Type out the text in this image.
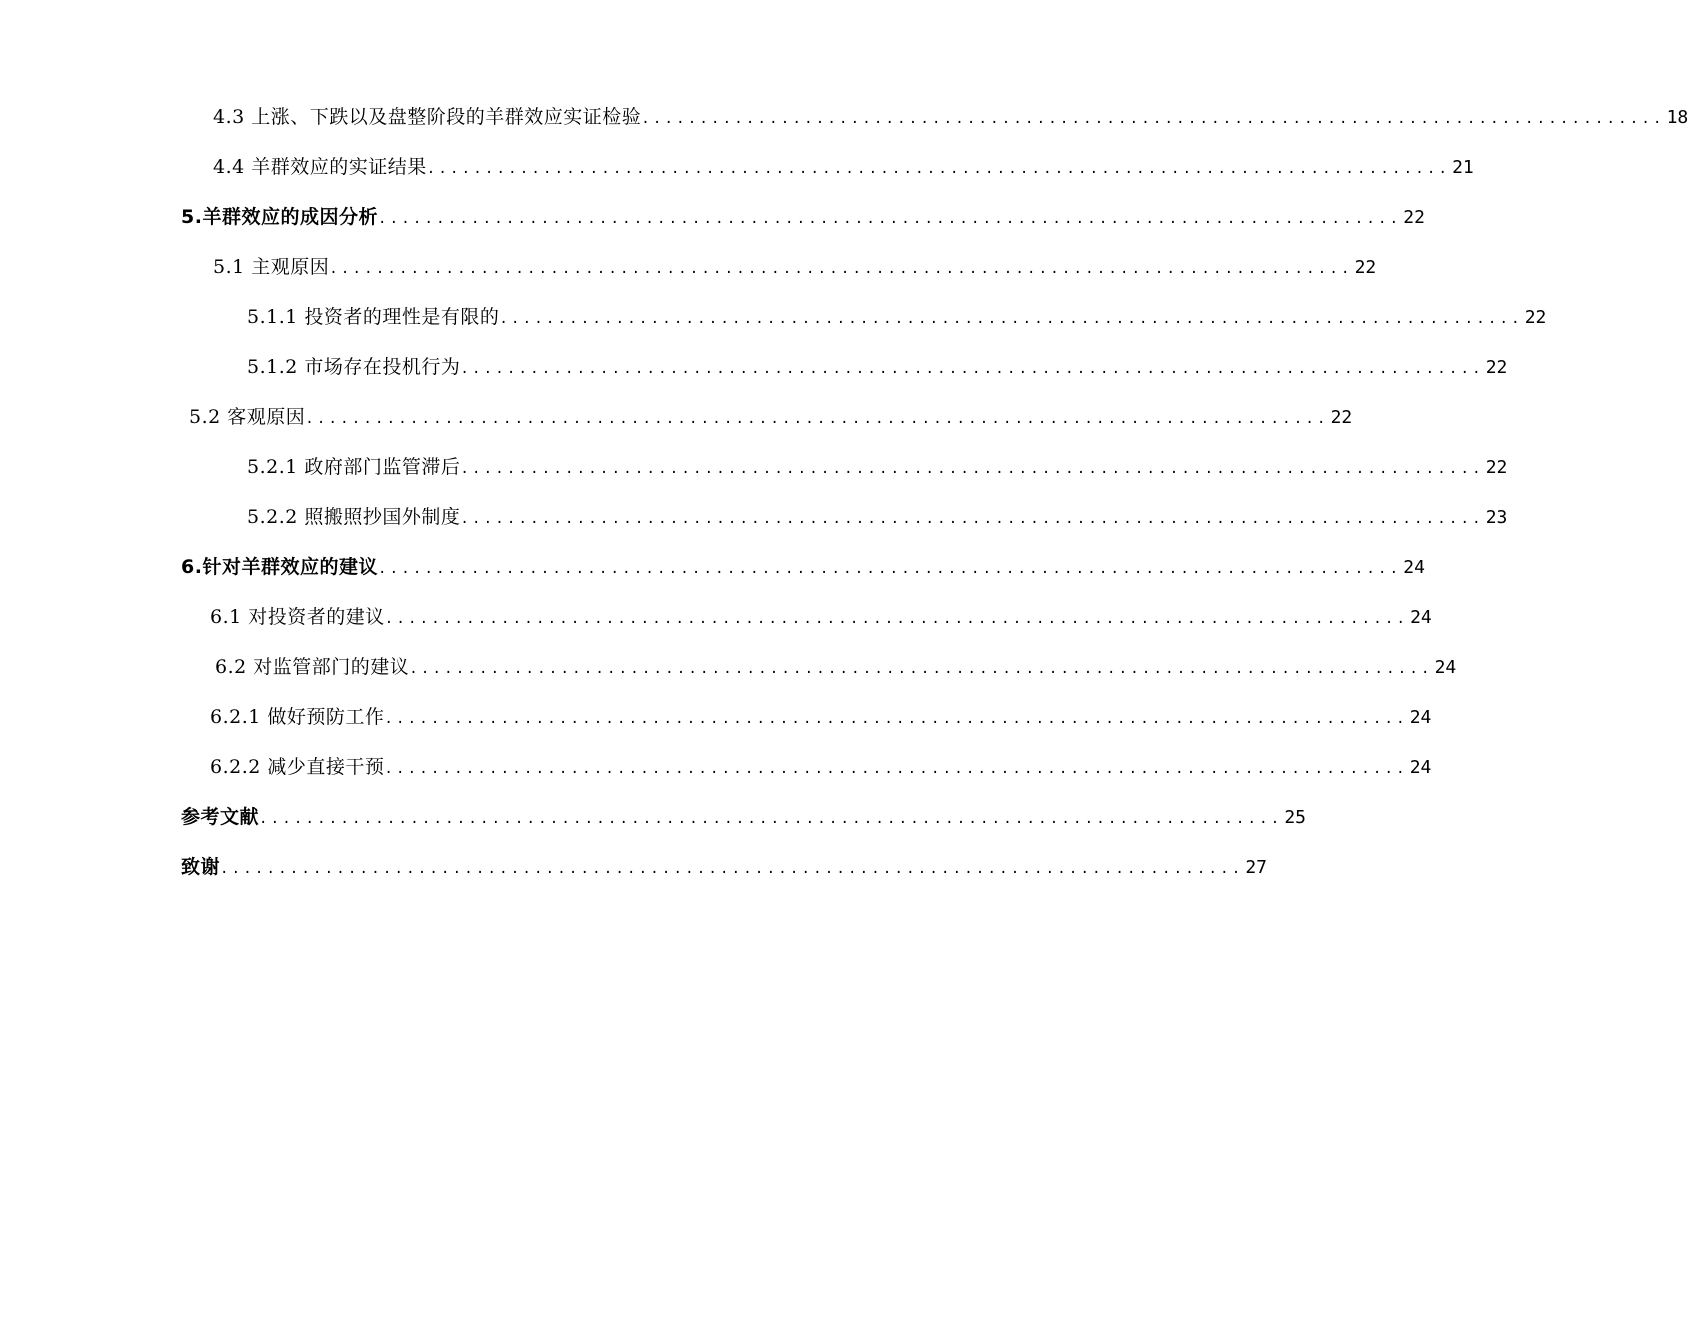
4.3 上涨、下跌以及盘整阶段的羊群效应实证检验 ........................................................................................ 18
4.4 羊群效应的实证结果 ........................................................................................ 21
5.羊群效应的成因分析 ........................................................................................ 22
5.1 主观原因 ........................................................................................ 22
5.1.1 投资者的理性是有限的 ........................................................................................ 22
5.1.2 市场存在投机行为 ........................................................................................ 22
5.2 客观原因 ........................................................................................ 22
5.2.1 政府部门监管滞后 ........................................................................................ 22
5.2.2 照搬照抄国外制度 ........................................................................................ 23
6.针对羊群效应的建议 ........................................................................................ 24
6.1 对投资者的建议 ........................................................................................ 24
6.2 对监管部门的建议 ........................................................................................ 24
6.2.1 做好预防工作 ........................................................................................ 24
6.2.2 减少直接干预 ........................................................................................ 24
参考文献 ........................................................................................ 25
致谢 ........................................................................................ 27
